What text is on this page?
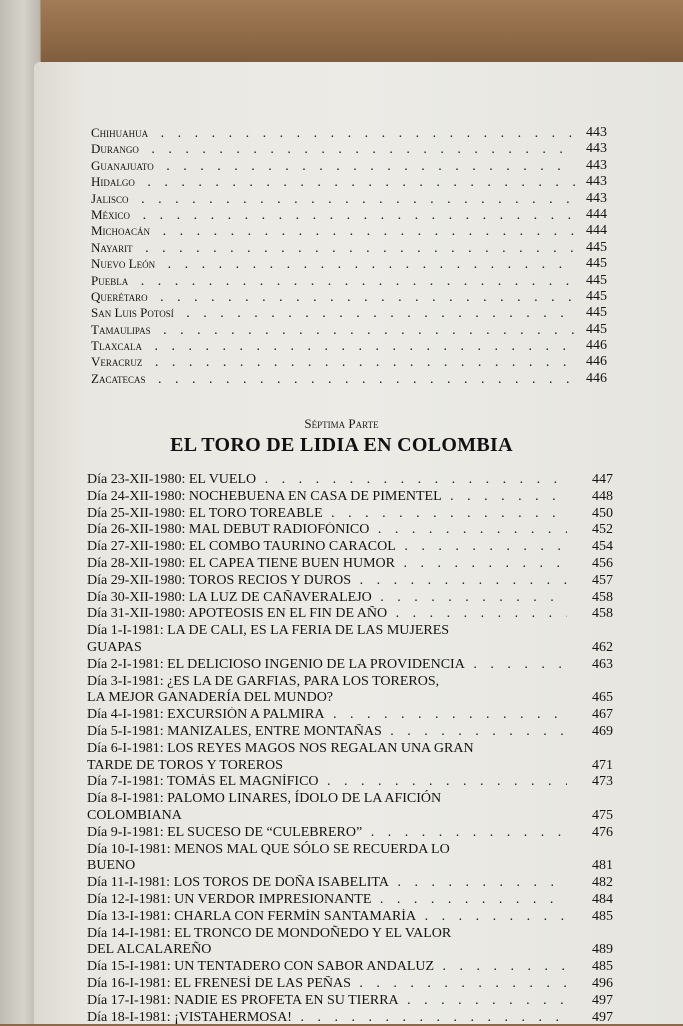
Chihuahua . . .	443
Durango . . .	443
Guanajuato . . .	443
Hidalgo . . .	443
Jalisco . . .	443
México . . .	444
Michoacán . . .	444
Nayarit . . .	445
Nuevo León . . .	445
Puebla . . .	445
Querétaro . . .	445
San Luis Potosí . . .	445
Tamaulipas . . .	445
Tlaxcala . . .	446
Veracruz . . .	446
Zacatecas . . .	446
Séptima Parte
EL TORO DE LIDIA EN COLOMBIA
Día 23-XII-1980: EL VUELO . . .	447
Día 24-XII-1980: NOCHEBUENA EN CASA DE PIMENTEL . . .	448
Día 25-XII-1980: EL TORO TOREABLE . . .	450
Día 26-XII-1980: MAL DEBUT RADIOFÓNICO . . .	452
Día 27-XII-1980: EL COMBO TAURINO CARACOL . . .	454
Día 28-XII-1980: EL CAPEA TIENE BUEN HUMOR . . .	456
Día 29-XII-1980: TOROS RECIOS Y DUROS . . .	457
Día 30-XII-1980: LA LUZ DE CAÑAVERALEJO . . .	458
Día 31-XII-1980: APOTEOSIS EN EL FIN DE AÑO . . .	458
Día 1-I-1981: LA DE CALI, ES LA FERIA DE LAS MUJERES
GUAPAS	462
Día 2-I-1981: EL DELICIOSO INGENIO DE LA PROVIDENCIA . . .	463
Día 3-I-1981: ¿ES LA DE GARFIAS, PARA LOS TOREROS,
LA MEJOR GANADERÍA DEL MUNDO?	465
Día 4-I-1981: EXCURSIÓN A PALMIRA . . .	467
Día 5-I-1981: MANIZALES, ENTRE MONTAÑAS . . .	469
Día 6-I-1981: LOS REYES MAGOS NOS REGALAN UNA GRAN
TARDE DE TOROS Y TOREROS	471
Día 7-I-1981: TOMÁS EL MAGNÍFICO . . .	473
Día 8-I-1981: PALOMO LINARES, ÍDOLO DE LA AFICIÓN
COLOMBIANA	475
Día 9-I-1981: EL SUCESO DE “CULEBRERO” . . .	476
Día 10-I-1981: MENOS MAL QUE SÓLO SE RECUERDA LO
BUENO	481
Día 11-I-1981: LOS TOROS DE DOÑA ISABELITA . . .	482
Día 12-I-1981: UN VERDOR IMPRESIONANTE . . .	484
Día 13-I-1981: CHARLA CON FERMÍN SANTAMARÍA . . .	485
Día 14-I-1981: EL TRONCO DE MONDOÑEDO Y EL VALOR
DEL ALCALAREÑO	489
Día 15-I-1981: UN TENTADERO CON SABOR ANDALUZ . . .	485
Día 16-I-1981: EL FRENESÍ DE LAS PEÑAS . . .	496
Día 17-I-1981: NADIE ES PROFETA EN SU TIERRA . . .	497
Día 18-I-1981: ¡VISTAHERMOSA! . . .	497
